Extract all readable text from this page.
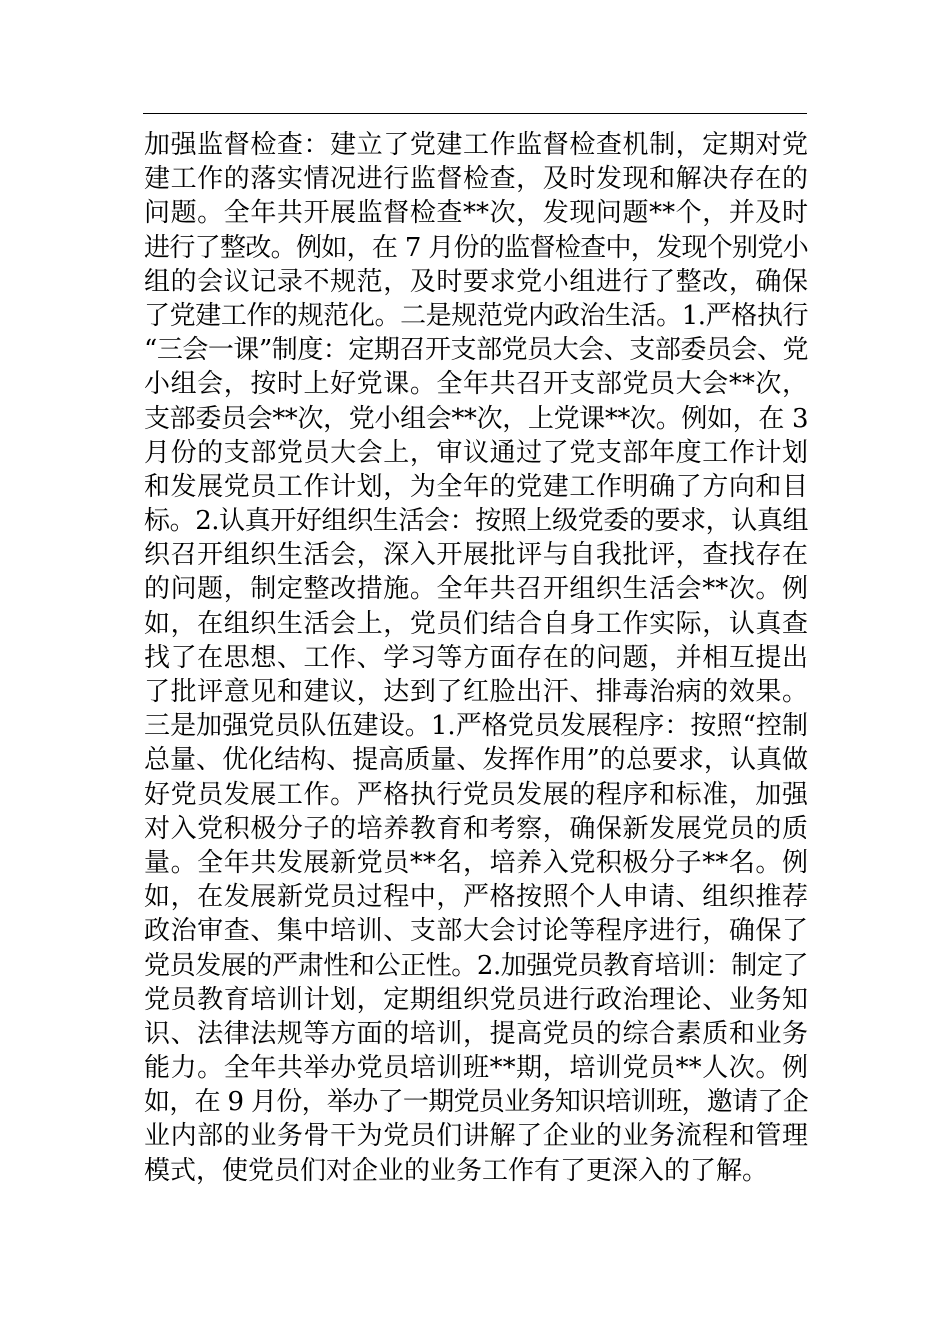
加强监督检查：建立了党建工作监督检查机制，定期对党
建工作的落实情况进行监督检查，及时发现和解决存在的
问题。全年共开展监督检查**次，发现问题**个，并及时
进行了整改。例如，在 7 月份的监督检查中，发现个别党小
组的会议记录不规范，及时要求党小组进行了整改，确保
了党建工作的规范化。二是规范党内政治生活。1.严格执行
“三会一课”制度：定期召开支部党员大会、支部委员会、党
小组会，按时上好党课。全年共召开支部党员大会**次，
支部委员会**次，党小组会**次，上党课**次。例如，在 3
月份的支部党员大会上，审议通过了党支部年度工作计划
和发展党员工作计划，为全年的党建工作明确了方向和目
标。2.认真开好组织生活会：按照上级党委的要求，认真组
织召开组织生活会，深入开展批评与自我批评，查找存在
的问题，制定整改措施。全年共召开组织生活会**次。例
如，在组织生活会上，党员们结合自身工作实际，认真查
找了在思想、工作、学习等方面存在的问题，并相互提出
了批评意见和建议，达到了红脸出汗、排毒治病的效果。
三是加强党员队伍建设。1.严格党员发展程序：按照“控制
总量、优化结构、提高质量、发挥作用”的总要求，认真做
好党员发展工作。严格执行党员发展的程序和标准，加强
对入党积极分子的培养教育和考察，确保新发展党员的质
量。全年共发展新党员**名，培养入党积极分子**名。例
如，在发展新党员过程中，严格按照个人申请、组织推荐
政治审查、集中培训、支部大会讨论等程序进行，确保了
党员发展的严肃性和公正性。2.加强党员教育培训：制定了
党员教育培训计划，定期组织党员进行政治理论、业务知
识、法律法规等方面的培训，提高党员的综合素质和业务
能力。全年共举办党员培训班**期，培训党员**人次。例
如，在 9 月份，举办了一期党员业务知识培训班，邀请了企
业内部的业务骨干为党员们讲解了企业的业务流程和管理
模式，使党员们对企业的业务工作有了更深入的了解。
